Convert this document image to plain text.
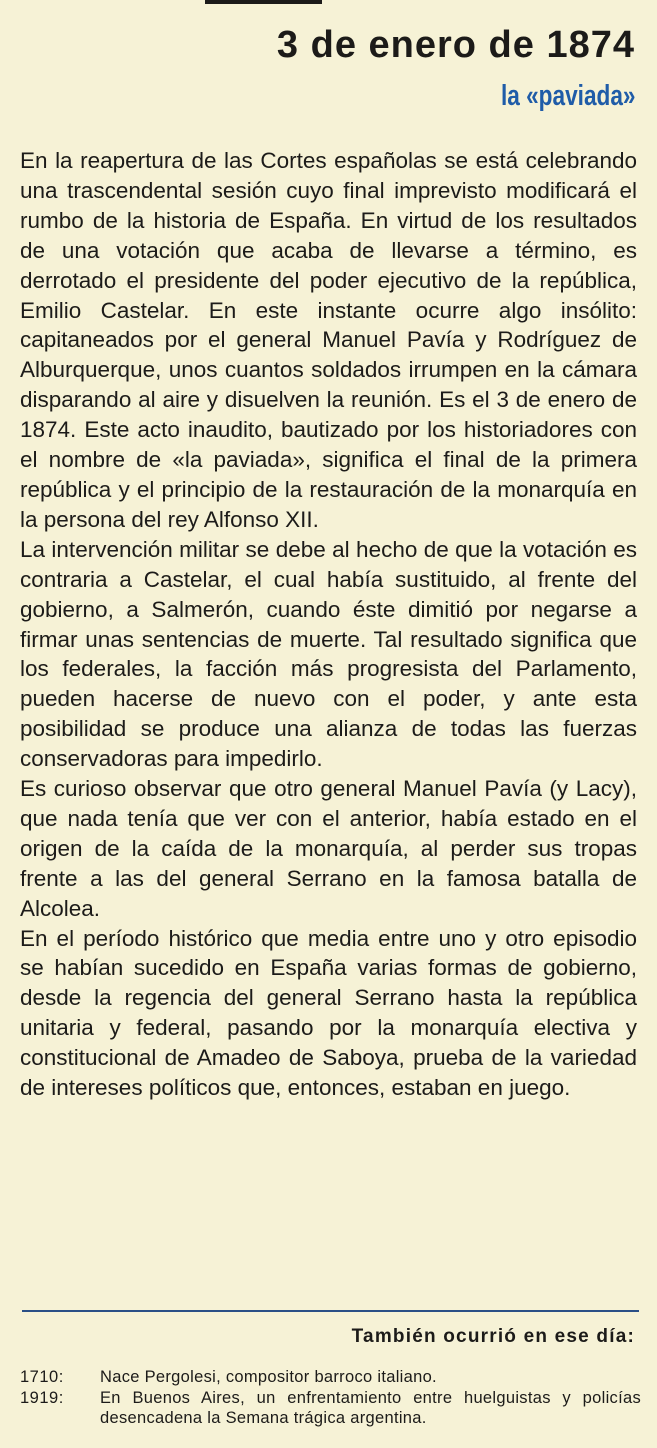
3 de enero de 1874
la «paviada»

En la reapertura de las Cortes españolas se está celebrando una trascendental sesión cuyo final imprevisto modificará el rumbo de la historia de España. En virtud de los resultados de una votación que acaba de llevarse a término, es derrotado el presidente del poder ejecutivo de la república, Emilio Castelar. En este instante ocurre algo insólito: capitaneados por el general Manuel Pavía y Rodríguez de Alburquerque, unos cuantos soldados irrumpen en la cámara disparando al aire y disuelven la reunión. Es el 3 de enero de 1874. Este acto inaudito, bautizado por los historiadores con el nombre de «la paviada», significa el final de la primera república y el principio de la restauración de la monarquía en la persona del rey Alfonso XII.

La intervención militar se debe al hecho de que la votación es contraria a Castelar, el cual había sustituido, al frente del gobierno, a Salmerón, cuando éste dimitió por negarse a firmar unas sentencias de muerte. Tal resultado significa que los federales, la facción más progresista del Parlamento, pueden hacerse de nuevo con el poder, y ante esta posibilidad se produce una alianza de todas las fuerzas conservadoras para impedirlo.

Es curioso observar que otro general Manuel Pavía (y Lacy), que nada tenía que ver con el anterior, había estado en el origen de la caída de la monarquía, al perder sus tropas frente a las del general Serrano en la famosa batalla de Alcolea.

En el período histórico que media entre uno y otro episodio se habían sucedido en España varias formas de gobierno, desde la regencia del general Serrano hasta la república unitaria y federal, pasando por la monarquía electiva y constitucional de Amadeo de Saboya, prueba de la variedad de intereses políticos que, entonces, estaban en juego.

También ocurrió en ese día:
1710:	Nace Pergolesi, compositor barroco italiano.
1919:	En Buenos Aires, un enfrentamiento entre huelguistas y policías desencadena la Semana trágica argentina.
